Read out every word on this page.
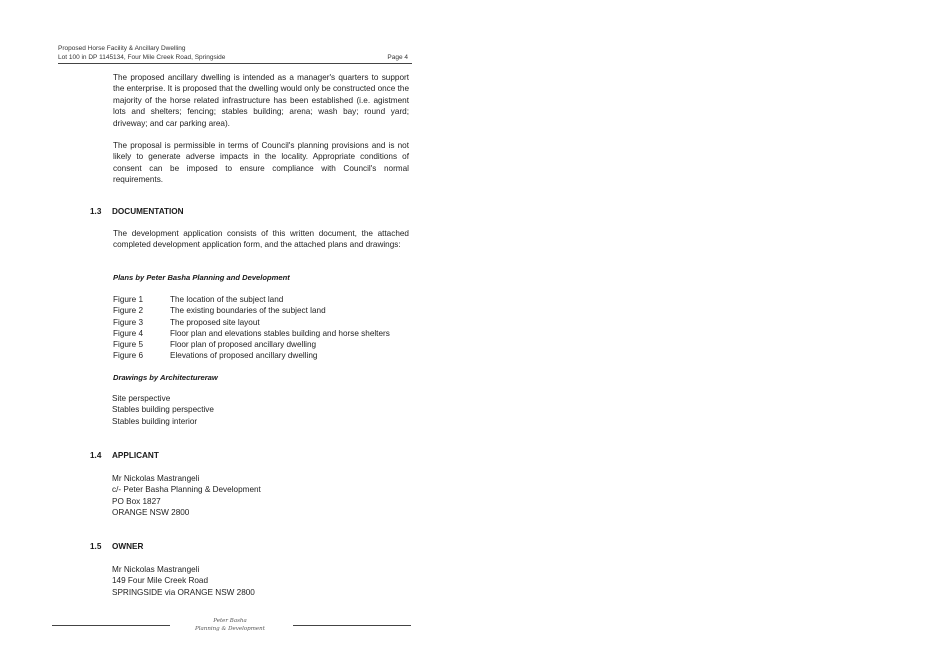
Proposed Horse Facility & Ancillary Dwelling
Lot 100 in DP 1145134, Four Mile Creek Road, Springside	Page 4
The proposed ancillary dwelling is intended as a manager's quarters to support the enterprise. It is proposed that the dwelling would only be constructed once the majority of the horse related infrastructure has been established (i.e. agistment lots and shelters; fencing; stables building; arena; wash bay; round yard; driveway; and car parking area).
The proposal is permissible in terms of Council's planning provisions and is not likely to generate adverse impacts in the locality. Appropriate conditions of consent can be imposed to ensure compliance with Council's normal requirements.
1.3 DOCUMENTATION
The development application consists of this written document, the attached completed development application form, and the attached plans and drawings:
Plans by Peter Basha Planning and Development
Figure 1	The location of the subject land
Figure 2	The existing boundaries of the subject land
Figure 3	The proposed site layout
Figure 4	Floor plan and elevations stables building and horse shelters
Figure 5	Floor plan of proposed ancillary dwelling
Figure 6	Elevations of proposed ancillary dwelling
Drawings by Architectureraw
Site perspective
Stables building perspective
Stables building interior
1.4 APPLICANT
Mr Nickolas Mastrangeli
c/- Peter Basha Planning & Development
PO Box 1827
ORANGE NSW 2800
1.5 OWNER
Mr Nickolas Mastrangeli
149 Four Mile Creek Road
SPRINGSIDE via ORANGE NSW 2800
Peter Basha
Planning & Development
